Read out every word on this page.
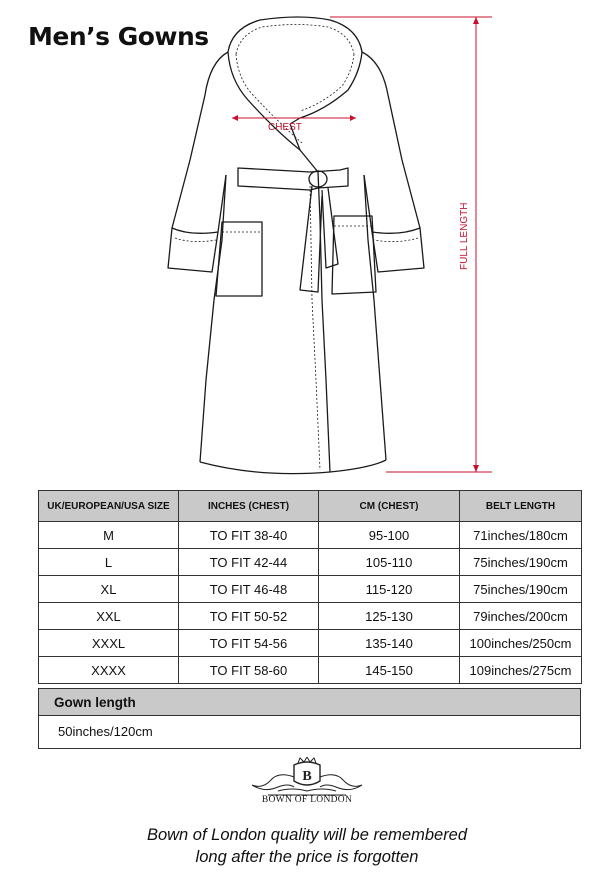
Men’s Gowns
CHEST
FULL LENGTH
UK/EUROPEAN/USA SIZE	INCHES (CHEST)	CM (CHEST)	BELT LENGTH
M	TO FIT 38-40	95-100	71inches/180cm
L	TO FIT 42-44	105-110	75inches/190cm
XL	TO FIT 46-48	115-120	75inches/190cm
XXL	TO FIT 50-52	125-130	79inches/200cm
XXXL	TO FIT 54-56	135-140	100inches/250cm
XXXX	TO FIT 58-60	145-150	109inches/275cm
Gown length
50inches/120cm
B
BOWN OF LONDON
Bown of London quality will be remembered
long after the price is forgotten
